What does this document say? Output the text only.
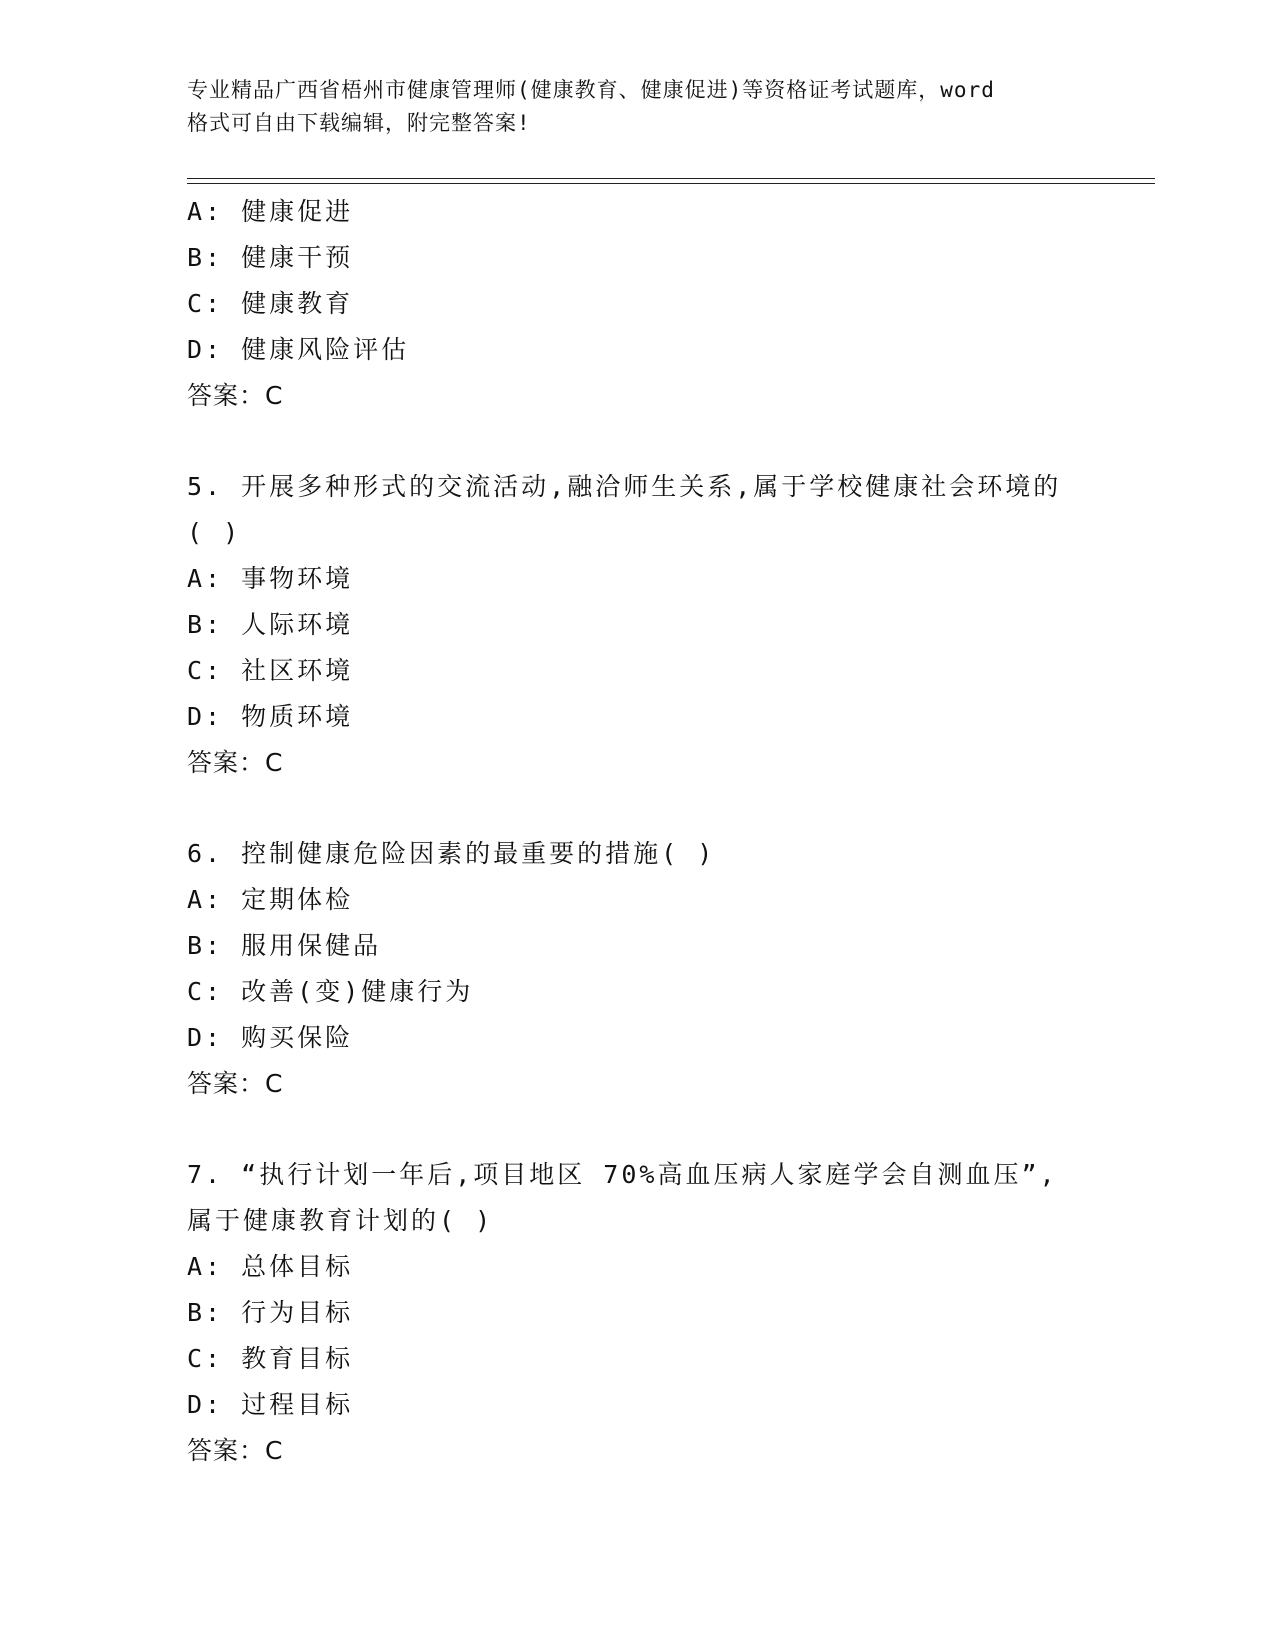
专业精品广西省梧州市健康管理师(健康教育、健康促进)等资格证考试题库，word
格式可自由下载编辑，附完整答案!
A: 健康促进
B: 健康干预
C: 健康教育
D: 健康风险评估
答案：C
5. 开展多种形式的交流活动,融洽师生关系,属于学校健康社会环境的
( )
A: 事物环境
B: 人际环境
C: 社区环境
D: 物质环境
答案：C
6. 控制健康危险因素的最重要的措施( )
A: 定期体检
B: 服用保健品
C: 改善(变)健康行为
D: 购买保险
答案：C
7. “执行计划一年后,项目地区 70%高血压病人家庭学会自测血压”,
属于健康教育计划的( )
A: 总体目标
B: 行为目标
C: 教育目标
D: 过程目标
答案：C
